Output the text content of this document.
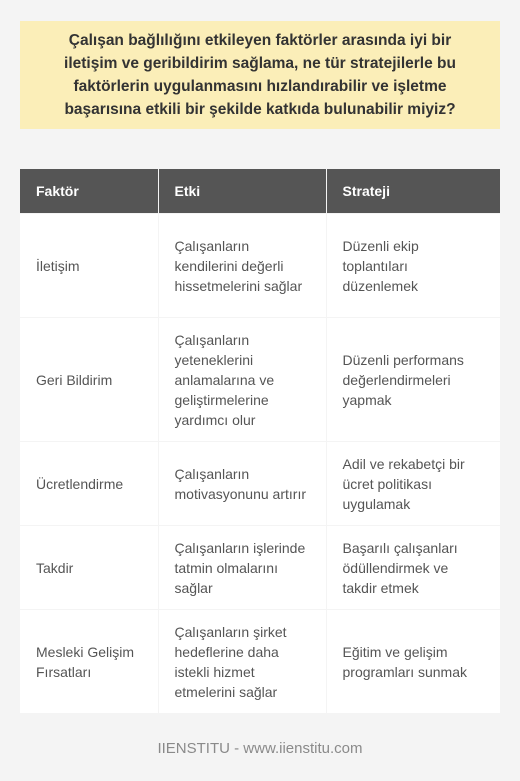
Çalışan bağlılığını etkileyen faktörler arasında iyi bir iletişim ve geribildirim sağlama, ne tür stratejilerle bu faktörlerin uygulanmasını hızlandırabilir ve işletme başarısına etkili bir şekilde katkıda bulunabilir miyiz?

Faktör	Etki	Strateji
İletişim	Çalışanların kendilerini değerli hissetmelerini sağlar	Düzenli ekip toplantıları düzenlemek
Geri Bildirim	Çalışanların yeteneklerini anlamalarına ve geliştirmelerine yardımcı olur	Düzenli performans değerlendirmeleri yapmak
Ücretlendirme	Çalışanların motivasyonunu artırır	Adil ve rekabetçi bir ücret politikası uygulamak
Takdir	Çalışanların işlerinde tatmin olmalarını sağlar	Başarılı çalışanları ödüllendirmek ve takdir etmek
Mesleki Gelişim Fırsatları	Çalışanların şirket hedeflerine daha istekli hizmet etmelerini sağlar	Eğitim ve gelişim programları sunmak
IIENSTITU - www.iienstitu.com
